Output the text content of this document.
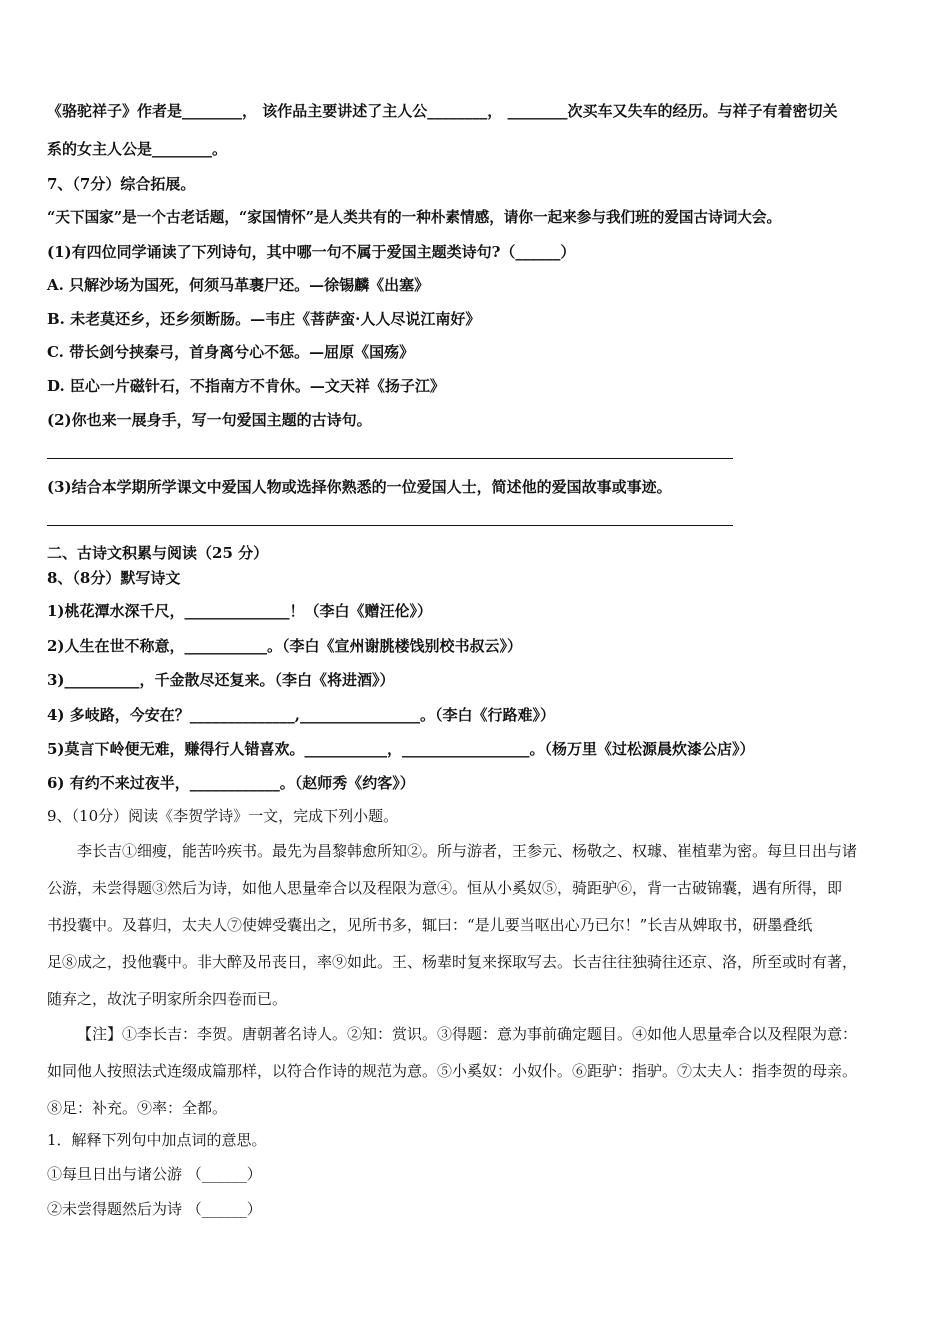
《骆驼祥子》作者是________， 该作品主要讲述了主人公________， ________次买车又失车的经历。与祥子有着密切关
系的女主人公是________。
7、（7分）综合拓展。
“天下国家”是一个古老话题，“家国情怀”是人类共有的一种朴素情感，请你一起来参与我们班的爱国古诗词大会。
(1)有四位同学诵读了下列诗句，其中哪一句不属于爱国主题类诗句?（______）
A. 只解沙场为国死，何须马革裹尸还。—徐锡麟《出塞》
B. 未老莫还乡，还乡须断肠。—韦庄《菩萨蛮·人人尽说江南好》
C. 带长剑兮挟秦弓，首身离兮心不惩。—屈原《国殇》
D. 臣心一片磁针石，不指南方不肯休。—文天祥《扬子江》
(2)你也来一展身手，写一句爱国主题的古诗句。
(3)结合本学期所学课文中爱国人物或选择你熟悉的一位爱国人士，简述他的爱国故事或事迹。
二、古诗文积累与阅读（25 分）
8、（8分）默写诗文
1)桃花潭水深千尺，______________！（李白《赠汪伦》）
2)人生在世不称意，___________。（李白《宣州谢朓楼饯别校书叔云》）
3)__________，千金散尽还复来。（李白《将进酒》）
4) 多岐路，今安在？______________,________________。（李白《行路难》）
5)莫言下岭便无难，赚得行人错喜欢。___________，_________________。（杨万里《过松源晨炊漆公店》）
6) 有约不来过夜半，____________。（赵师秀《约客》）
9、（10分）阅读《李贺学诗》一文，完成下列小题。
李长吉①细瘦，能苦吟疾书。最先为昌黎韩愈所知②。所与游者，王参元、杨敬之、权璩、崔植辈为密。每旦日出与诸
公游，未尝得题③然后为诗，如他人思量牵合以及程限为意④。恒从小奚奴⑤，骑距驴⑥，背一古破锦囊，遇有所得，即
书投囊中。及暮归，太夫人⑦使婢受囊出之，见所书多，辄曰：“是儿要当呕出心乃已尔！”长吉从婢取书，研墨叠纸
足⑧成之，投他囊中。非大醉及吊丧日，率⑨如此。王、杨辈时复来探取写去。长吉往往独骑往还京、洛，所至或时有著，
随弃之，故沈子明家所余四卷而已。
【注】①李长吉：李贺。唐朝著名诗人。②知：赏识。③得题：意为事前确定题目。④如他人思量牵合以及程限为意：
如同他人按照法式连缀成篇那样，以符合作诗的规范为意。⑤小奚奴：小奴仆。⑥距驴：指驴。⑦太夫人：指李贺的母亲。
⑧足：补充。⑨率：全都。
1．解释下列句中加点词的意思。
①每旦日出与诸公游 （______）
②未尝得题然后为诗 （______）
